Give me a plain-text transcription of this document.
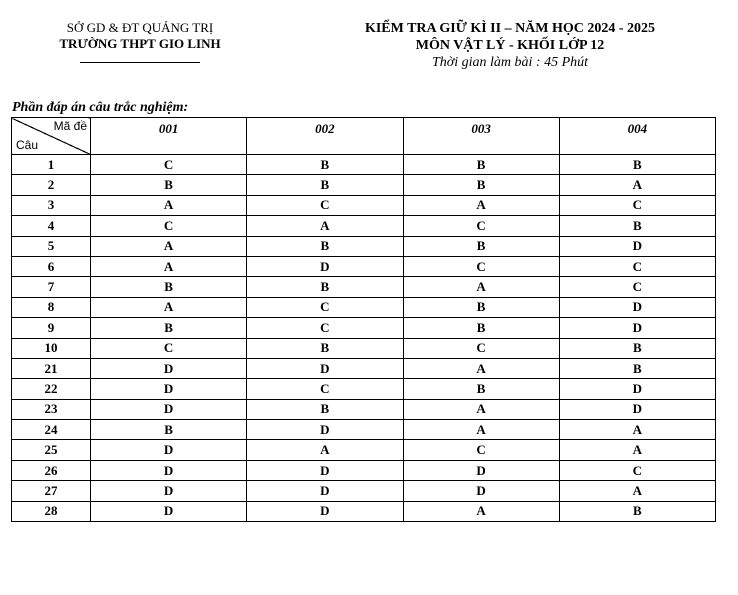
SỞ GD & ĐT QUẢNG TRỊ
TRƯỜNG THPT GIO LINH
KIỂM TRA GIỮ KÌ II – NĂM HỌC 2024 - 2025
MÔN VẬT LÝ - KHỐI LỚP 12
Thời gian làm bài : 45 Phút
Phần đáp án câu trắc nghiệm:
Mã đề
Câu	001	002	003	004
1	C	B	B	B
2	B	B	B	A
3	A	C	A	C
4	C	A	C	B
5	A	B	B	D
6	A	D	C	C
7	B	B	A	C
8	A	C	B	D
9	B	C	B	D
10	C	B	C	B
21	D	D	A	B
22	D	C	B	D
23	D	B	A	D
24	B	D	A	A
25	D	A	C	A
26	D	D	D	C
27	D	D	D	A
28	D	D	A	B
